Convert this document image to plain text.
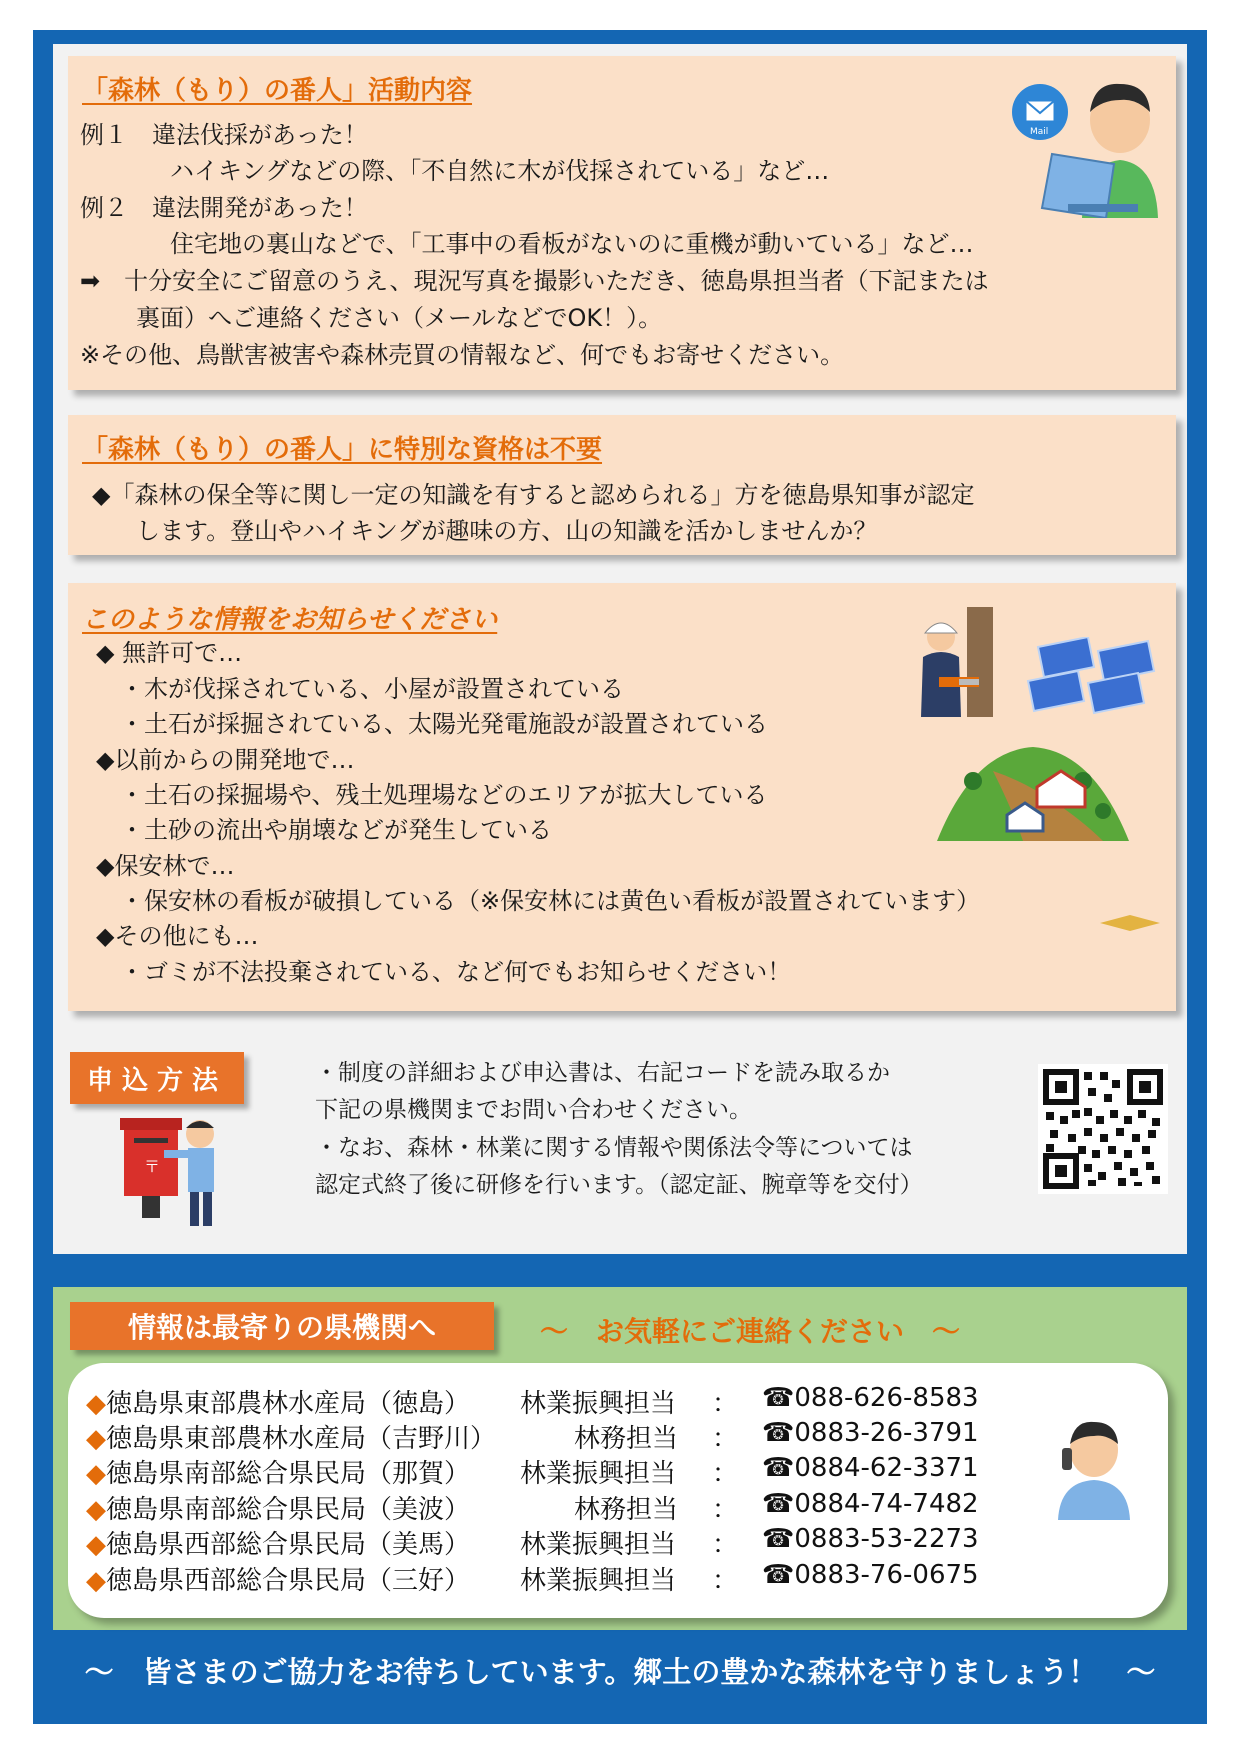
「森林（もり）の番人」活動内容
例１　違法伐採があった！
ハイキングなどの際、「不自然に木が伐採されている」など…
例２　違法開発があった！
住宅地の裏山などで、「工事中の看板がないのに重機が動いている」など…
➡　十分安全にご留意のうえ、現況写真を撮影いただき、徳島県担当者（下記または
裏面）へご連絡ください（メールなどでOK！）。
※その他、鳥獣害被害や森林売買の情報など、何でもお寄せください。
Mail
「森林（もり）の番人」に特別な資格は不要
◆「森林の保全等に関し一定の知識を有すると認められる」方を徳島県知事が認定
します。登山やハイキングが趣味の方、山の知識を活かしませんか？
このような情報をお知らせください
◆ 無許可で…
・木が伐採されている、小屋が設置されている
・土石が採掘されている、太陽光発電施設が設置されている
◆以前からの開発地で…
・土石の採掘場や、残土処理場などのエリアが拡大している
・土砂の流出や崩壊などが発生している
◆保安林で…
・保安林の看板が破損している（※保安林には黄色い看板が設置されています）
◆その他にも…
・ゴミが不法投棄されている、など何でもお知らせください！
申込方法
〒
・制度の詳細および申込書は、右記コードを読み取るか
下記の県機関までお問い合わせください。
・なお、森林・林業に関する情報や関係法令等については
認定式終了後に研修を行います。（認定証、腕章等を交付）
情報は最寄りの県機関へ	～　お気軽にご連絡ください　～
◆徳島県東部農林水産局（徳島） 林業振興担当 ： ☎088-626-8583
◆徳島県東部農林水産局（吉野川）	林務担当 ： ☎0883-26-3791
◆徳島県南部総合県民局（那賀） 林業振興担当 ： ☎0884-62-3371
◆徳島県南部総合県民局（美波）	林務担当 ： ☎0884-74-7482
◆徳島県西部総合県民局（美馬） 林業振興担当 ： ☎0883-53-2273
◆徳島県西部総合県民局（三好） 林業振興担当 ： ☎0883-76-0675
～　皆さまのご協力をお待ちしています。郷土の豊かな森林を守りましょう！　～
